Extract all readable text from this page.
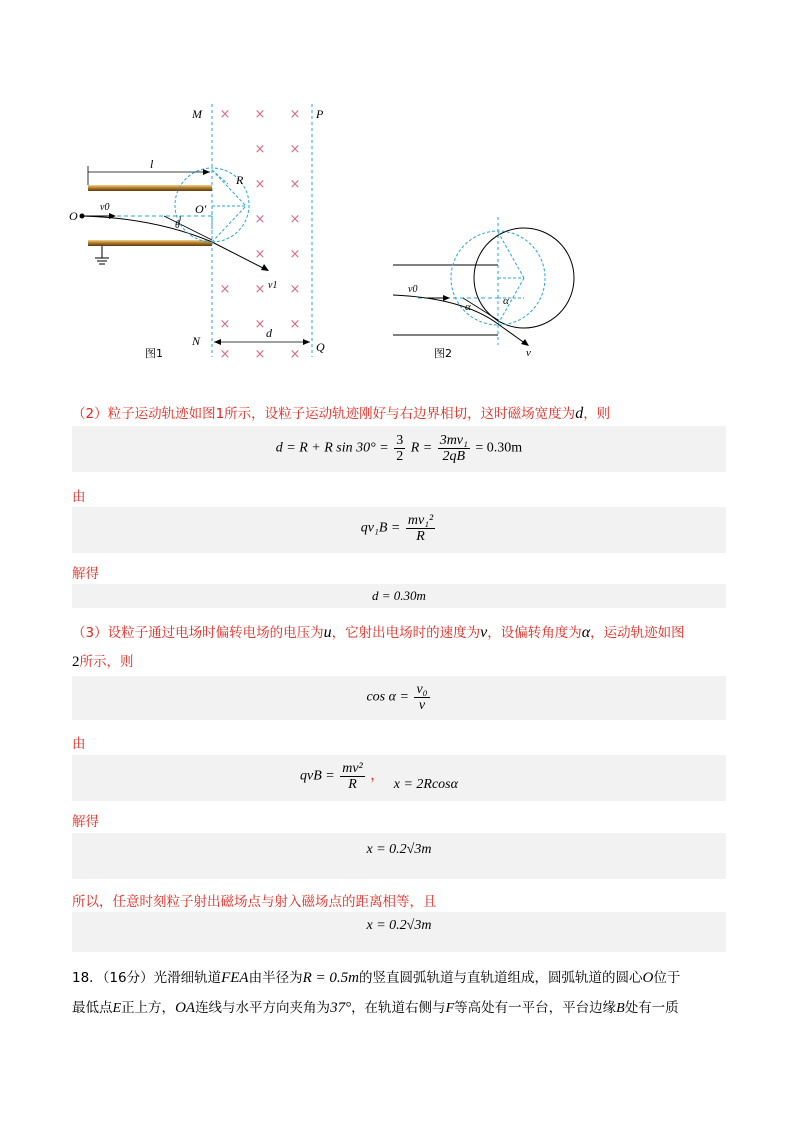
× × ×
× ×
× ×
× ×
× ×
× × ×
× × ×
× × ×
M	P
N	Q
l
R
O′
O
v0
θ
v1
d
图1
v0
α	α
v
图2
（2）粒子运动轨迹如图1所示，设粒子运动轨迹刚好与右边界相切，这时磁场宽度为d，则
d = R + R $\sin 30^\circ = \frac{3}{2}$ $R = \frac{\text{3mv₁}}{2qB} = 0.30m$
由
$qv_1B = \frac{\text{mv₁²}}{R}$
解得
d = 0.30m
（3）设粒子通过电场时偏转电场的电压为u，它射出电场时的速度为v，设偏转角度为α，运动轨迹如图
2所示，则
$\cos \alpha = \frac{\text{v₀}}{v}$
由
qvB = $\frac{\text{mv²}}{R}$ ， x = 2Rcosα
解得
x = 0.2√3m
所以，任意时刻粒子射出磁场点与射入磁场点的距离相等，且
x = 0.2√3m
18．（16分）光滑细轨道FEA由半径为R = 0.5m的竖直圆弧轨道与直轨道组成，圆弧轨道的圆心O位于
最低点E正上方，OA连线与水平方向夹角为37°，在轨道右侧与F等高处有一平台，平台边缘B处有一质
